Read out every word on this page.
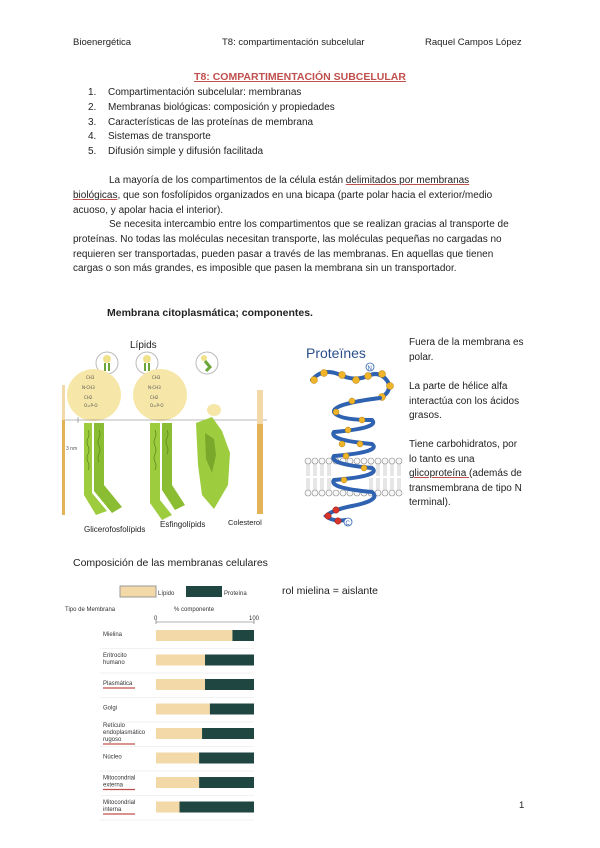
Bioenergética	T8: compartimentación subcelular	Raquel Campos López
T8: COMPARTIMENTACIÓN SUBCELULAR
1.	Compartimentación subcelular: membranas
2.	Membranas biológicas: composición y propiedades
3.	Características de las proteínas de membrana
4.	Sistemas de transporte
5.	Difusión simple y difusión facilitada
La mayoría de los compartimentos de la célula están delimitados por membranas biológicas, que son fosfolípidos organizados en una bicapa (parte polar hacia el exterior/medio acuoso, y apolar hacia el interior).
Se necesita intercambio entre los compartimentos que se realizan gracias al transporte de proteínas. No todas las moléculas necesitan transporte, las moléculas pequeñas no cargadas no requieren ser transportadas, pueden pasar a través de las membranas. En aquellas que tienen cargas o son más grandes, es imposible que pasen la membrana sin un transportador.
Membrana citoplasmática; componentes.
Lípids
CH3
N-CH3
CH2
O=P-O
CH3
N-CH3
CH2
O=P-O
3 nm
Glicerofosfolípids
Esfingolípids	Colesterol
Proteïnes
N
C
Fuera de la membrana es polar.
La parte de hélice alfa interactúa con los ácidos grasos.
Tiene carbohidratos, por lo tanto es una glicoproteína (además de transmembrana de tipo N terminal).
Composición de las membranas celulares
rol mielina = aislante
Lípido	Proteína
Tipo de Membrana	% componente
0	100
Mielina
Eritrocito humano
Plasmática
Golgi
Retículo endoplasmático rugoso
Núcleo
Mitocondrial externa
Mitocondrial interna	1
